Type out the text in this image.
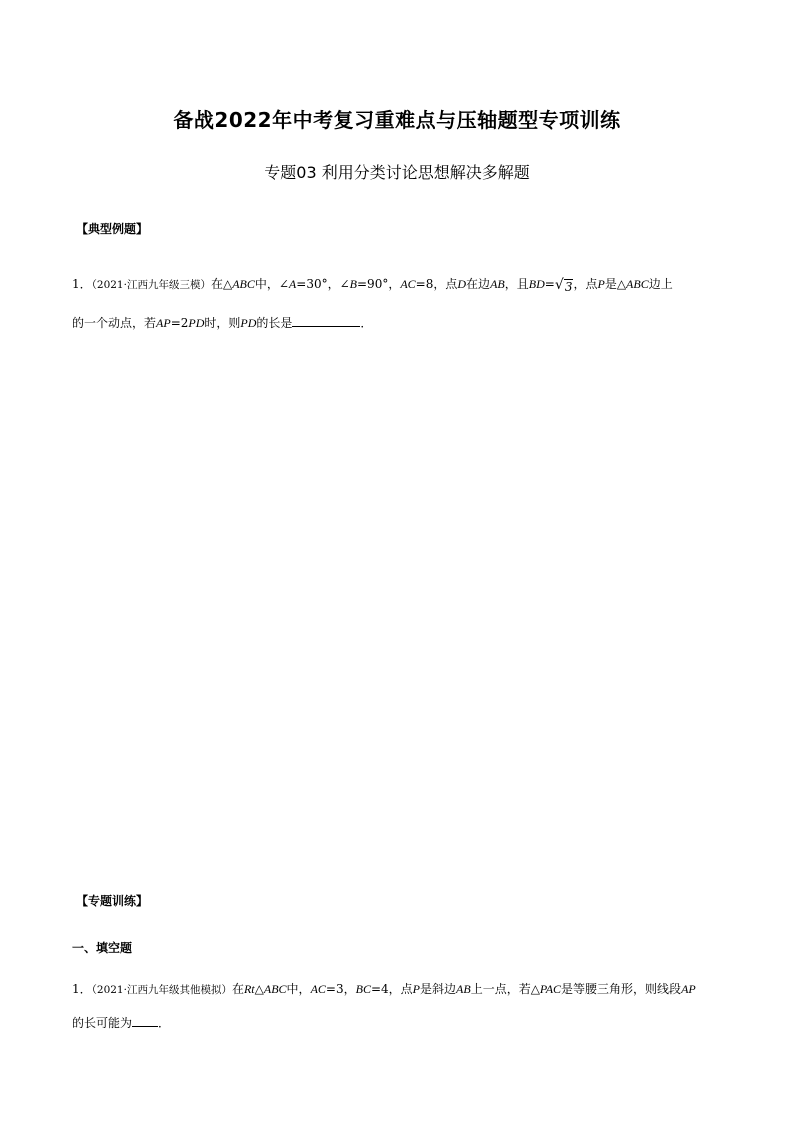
备战2022年中考复习重难点与压轴题型专项训练
专题03 利用分类讨论思想解决多解题
【典型例题】
1．（2021·江西九年级三模）在△ABC中，∠A=30°，∠B=90°，AC=8，点D在边AB，且BD= √ 3，点P是△ABC边上
的一个动点，若AP=2PD时，则PD的长是	．
【专题训练】
一、填空题
1．（2021·江西九年级其他模拟）在Rt△ABC中，AC=3，BC=4，点P是斜边AB上一点，若△PAC是等腰三角形，则线段AP
的长可能为 ．
